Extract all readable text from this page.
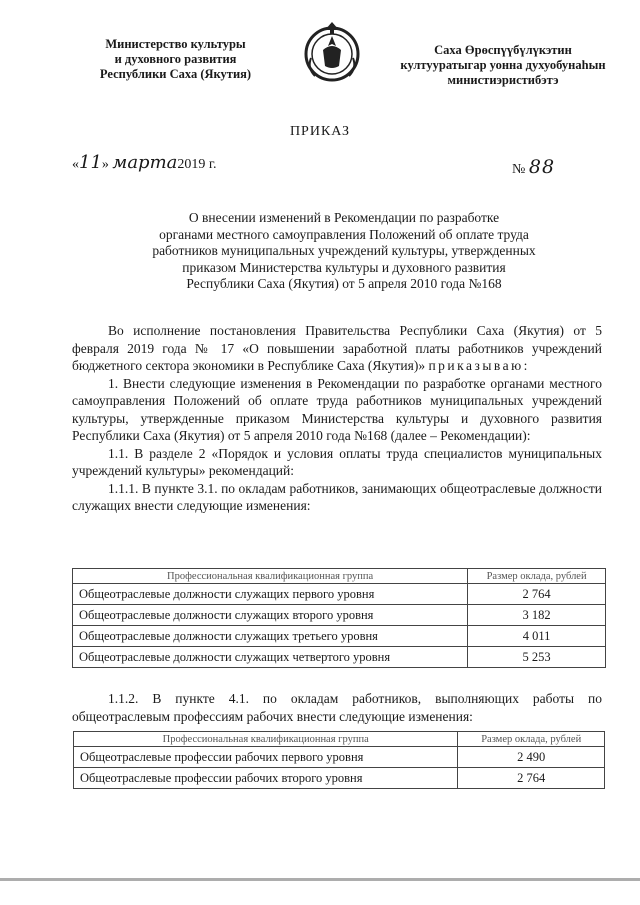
Министерство культуры
и духовного развития
Республики Саха (Якутия)
Саха Өрөспүүбүлүкэтин
култууратыгар уонна духуобунаһын
министиэристибэтэ
ПРИКАЗ
«11» марта2019 г.	№ 88
О внесении изменений в Рекомендации по разработке
органами местного самоуправления Положений об оплате труда
работников муниципальных учреждений культуры, утвержденных
приказом Министерства культуры и духовного развития
Республики Саха (Якутия) от 5 апреля 2010 года №168
Во исполнение постановления Правительства Республики Саха (Якутия) от 5 февраля 2019 года № 17 «О повышении заработной платы работников учреждений бюджетного сектора экономики в Республике Саха (Якутия)» приказываю:
1. Внести следующие изменения в Рекомендации по разработке органами местного самоуправления Положений об оплате труда работников муниципальных учреждений культуры, утвержденные приказом Министерства культуры и духовного развития Республики Саха (Якутия) от 5 апреля 2010 года №168 (далее – Рекомендации):
1.1. В разделе 2 «Порядок и условия оплаты труда специалистов муниципальных учреждений культуры» рекомендаций:
1.1.1. В пункте 3.1. по окладам работников, занимающих общеотраслевые должности служащих внести следующие изменения:
Профессиональная квалификационная группа	Размер оклада, рублей
Общеотраслевые должности служащих первого уровня	2 764
Общеотраслевые должности служащих второго уровня	3 182
Общеотраслевые должности служащих третьего уровня	4 011
Общеотраслевые должности служащих четвертого уровня	5 253
1.1.2. В пункте 4.1. по окладам работников, выполняющих работы по общеотраслевым профессиям рабочих внести следующие изменения:
Профессиональная квалификационная группа	Размер оклада, рублей
Общеотраслевые профессии рабочих первого уровня	2 490
Общеотраслевые профессии рабочих второго уровня	2 764
